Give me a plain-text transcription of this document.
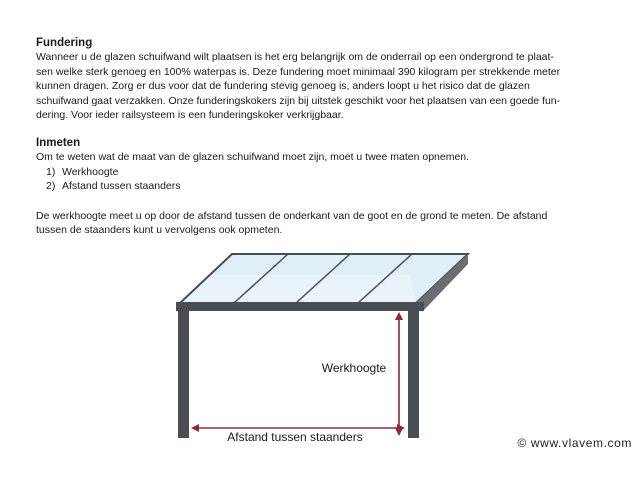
Fundering

Wanneer u de glazen schuifwand wilt plaatsen is het erg belangrijk om de onderrail op een ondergrond te plaat-

sen welke sterk genoeg en 100% waterpas is. Deze fundering moet minimaal 390 kilogram per strekkende meter

kunnen dragen. Zorg er dus voor dat de fundering stevig genoeg is, anders loopt u het risico dat de glazen

schuifwand gaat verzakken. Onze funderingskokers zijn bij uitstek geschikt voor het plaatsen van een goede fun-

dering. Voor ieder railsysteem is een funderingskoker verkrijgbaar.

Inmeten

Om te weten wat de maat van de glazen schuifwand moet zijn, moet u twee maten opnemen.

1) Werkhoogte
2) Afstand tussen staanders

De werkhoogte meet u op door de afstand tussen de onderkant van de goot en de grond te meten. De afstand

tussen de staanders kunt u vervolgens ook opmeten.

Werkhoogte
Afstand tussen staanders	© www.vlavem.com
